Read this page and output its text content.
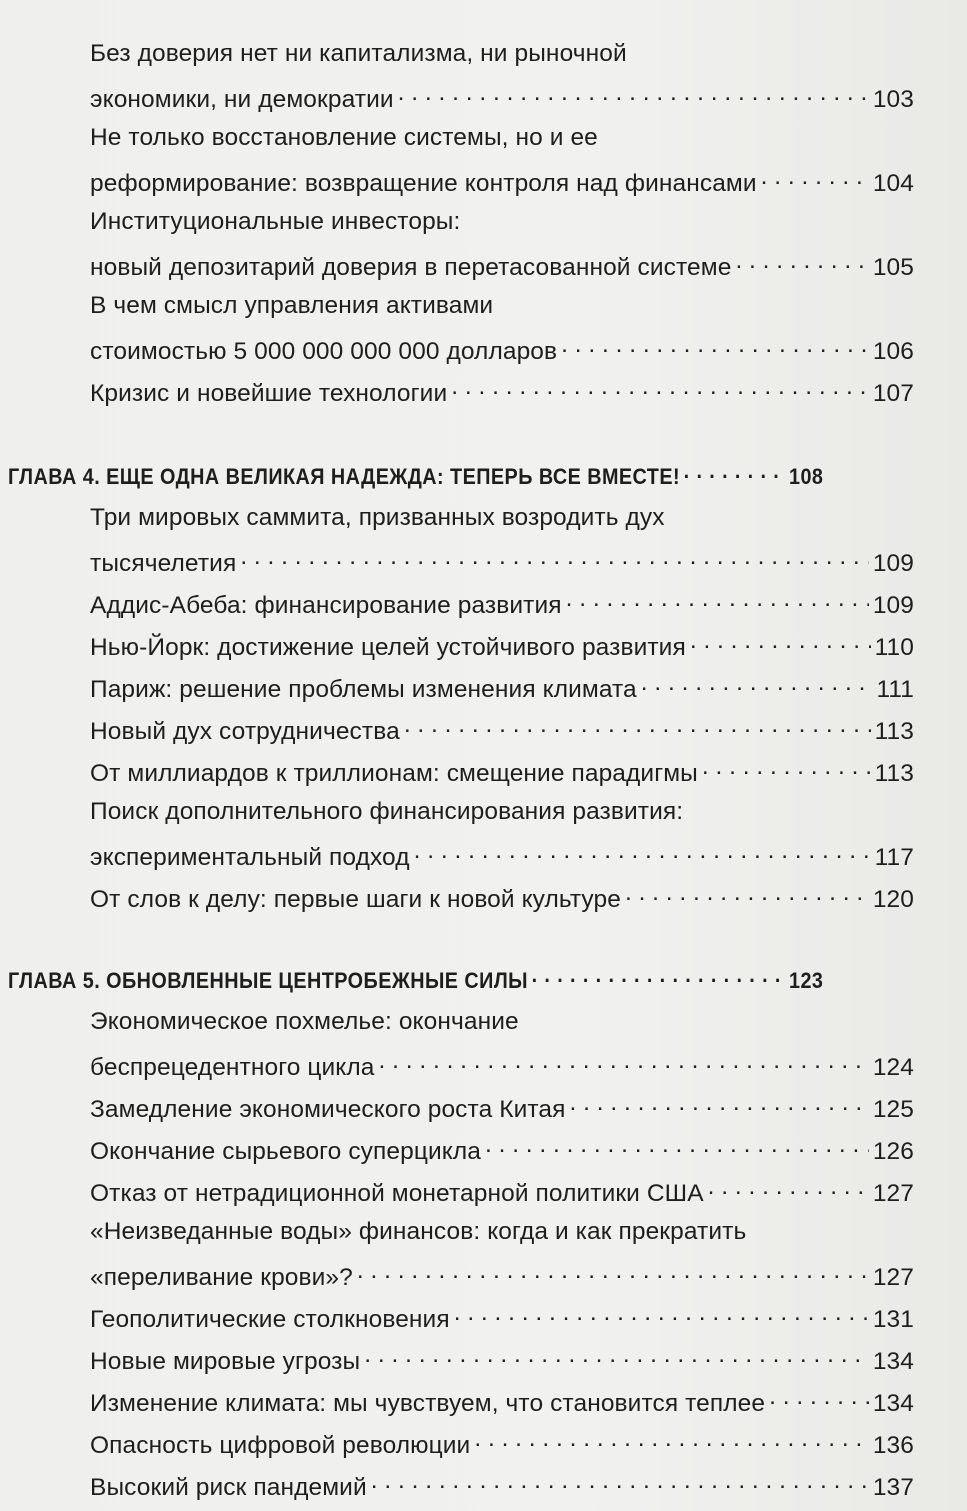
Без доверия нет ни капитализма, ни рыночной
экономики, ни демократии . . .	103
Не только восстановление системы, но и ее
реформирование: возвращение контроля над финансами . . .	104
Институциональные инвесторы:
новый депозитарий доверия в перетасованной системе . . .	105
В чем смысл управления активами
стоимостью 5 000 000 000 000 долларов . . .	106
Кризис и новейшие технологии . . .	107
ГЛАВА 4. ЕЩЕ ОДНА ВЕЛИКАЯ НАДЕЖДА: ТЕПЕРЬ ВСЕ ВМЕСТЕ! . . .	108
Три мировых саммита, призванных возродить дух
тысячелетия . . .	109
Аддис-Абеба: финансирование развития . . .	109
Нью-Йорк: достижение целей устойчивого развития . . .	110
Париж: решение проблемы изменения климата . . .	111
Новый дух сотрудничества . . .	113
От миллиардов к триллионам: смещение парадигмы . . .	113
Поиск дополнительного финансирования развития:
экспериментальный подход . . .	117
От слов к делу: первые шаги к новой культуре . . .	120
ГЛАВА 5. ОБНОВЛЕННЫЕ ЦЕНТРОБЕЖНЫЕ СИЛЫ . . .	123
Экономическое похмелье: окончание
беспрецедентного цикла . . .	124
Замедление экономического роста Китая . . .	125
Окончание сырьевого суперцикла . . .	126
Отказ от нетрадиционной монетарной политики США . . .	127
«Неизведанные воды» финансов: когда и как прекратить
«переливание крови»? . . .	127
Геополитические столкновения . . .	131
Новые мировые угрозы . . .	134
Изменение климата: мы чувствуем, что становится теплее . . .	134
Опасность цифровой революции . . .	136
Высокий риск пандемий . . .	137
